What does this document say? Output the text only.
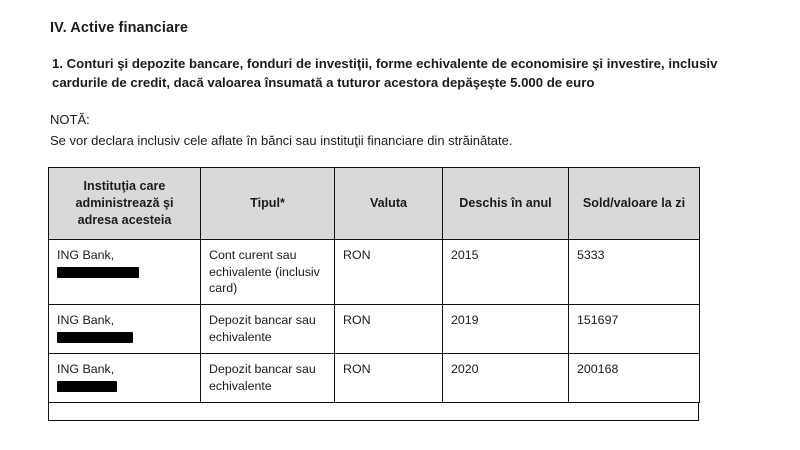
IV. Active financiare
1. Conturi şi depozite bancare, fonduri de investiţii, forme echivalente de economisire şi investire, inclusiv cardurile de credit, dacă valoarea însumată a tuturor acestora depăşeşte 5.000 de euro
NOTĂ:
Se vor declara inclusiv cele aflate în bănci sau instituţii financiare din străinătate.
Instituţia care administrează şi adresa acesteia	Tipul*	Valuta	Deschis în anul	Sold/valoare la zi
ING Bank,	Cont curent sau echivalente (inclusiv card)	RON	2015	5333
ING Bank,	Depozit bancar sau echivalente	RON	2019	151697
ING Bank,	Depozit bancar sau echivalente	RON	2020	200168
